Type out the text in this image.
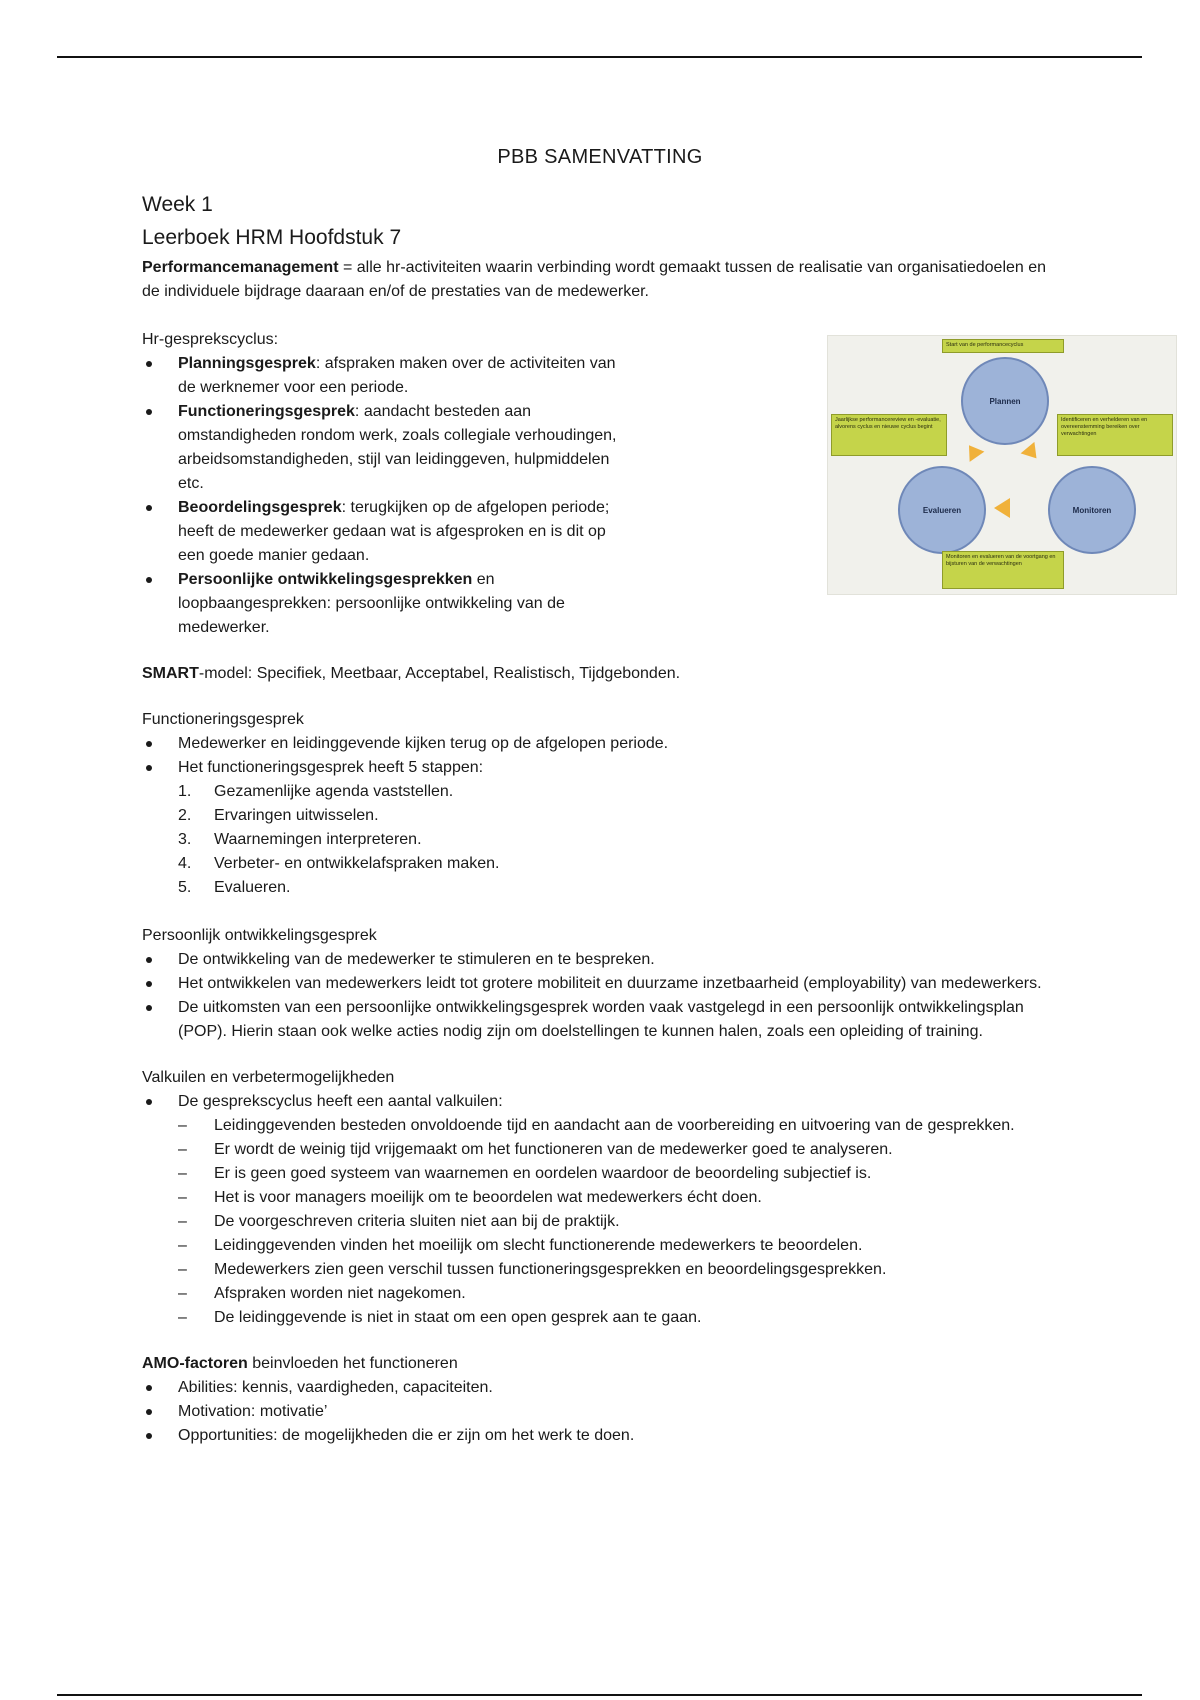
PBB SAMENVATTING
Week 1
Leerboek HRM Hoofdstuk 7

Performancemanagement = alle hr-activiteiten waarin verbinding wordt gemaakt tussen de realisatie van organisatiedoelen en de individuele bijdrage daaraan en/of de prestaties van de medewerker.

Hr-gesprekscyclus:

Planningsgesprek: afspraken maken over de activiteiten van de werknemer voor een periode.
Functioneringsgesprek: aandacht besteden aan omstandigheden rondom werk, zoals collegiale verhoudingen, arbeidsomstandigheden, stijl van leidinggeven, hulpmiddelen etc.
Beoordelingsgesprek: terugkijken op de afgelopen periode; heeft de medewerker gedaan wat is afgesproken en is dit op een goede manier gedaan.
Persoonlijke ontwikkelingsgesprekken en loopbaangesprekken: persoonlijke ontwikkeling van de medewerker.

SMART-model: Specifiek, Meetbaar, Acceptabel, Realistisch, Tijdgebonden.

Functioneringsgesprek

Medewerker en leidinggevende kijken terug op de afgelopen periode.
Het functioneringsgesprek heeft 5 stappen:
1. Gezamenlijke agenda vaststellen.
2. Ervaringen uitwisselen.
3. Waarnemingen interpreteren.
4. Verbeter- en ontwikkelafspraken maken.
5. Evalueren.

Persoonlijk ontwikkelingsgesprek

De ontwikkeling van de medewerker te stimuleren en te bespreken.
Het ontwikkelen van medewerkers leidt tot grotere mobiliteit en duurzame inzetbaarheid (employability) van medewerkers.
De uitkomsten van een persoonlijke ontwikkelingsgesprek worden vaak vastgelegd in een persoonlijk ontwikkelingsplan (POP). Hierin staan ook welke acties nodig zijn om doelstellingen te kunnen halen, zoals een opleiding of training.

Valkuilen en verbetermogelijkheden

De gesprekscyclus heeft een aantal valkuilen:
– Leidinggevenden besteden onvoldoende tijd en aandacht aan de voorbereiding en uitvoering van de gesprekken.
– Er wordt de weinig tijd vrijgemaakt om het functioneren van de medewerker goed te analyseren.
– Er is geen goed systeem van waarnemen en oordelen waardoor de beoordeling subjectief is.
– Het is voor managers moeilijk om te beoordelen wat medewerkers écht doen.
– De voorgeschreven criteria sluiten niet aan bij de praktijk.
– Leidinggevenden vinden het moeilijk om slecht functionerende medewerkers te beoordelen.
– Medewerkers zien geen verschil tussen functioneringsgesprekken en beoordelingsgesprekken.
– Afspraken worden niet nagekomen.
– De leidinggevende is niet in staat om een open gesprek aan te gaan.

AMO-factoren beinvloeden het functioneren

Abilities: kennis, vaardigheden, capaciteiten.
Motivation: motivatie’
Opportunities: de mogelijkheden die er zijn om het werk te doen.
Start van de performancecyclus
Plannen
Evalueren	Monitoren
Jaarlijkse performancereview en -evaluatie, alvorens cyclus en nieuwe cyclus begint
Identificeren en verhelderen van en overeenstemming bereiken over verwachtingen
Monitoren en evalueren van de voortgang en bijsturen van de verwachtingen
